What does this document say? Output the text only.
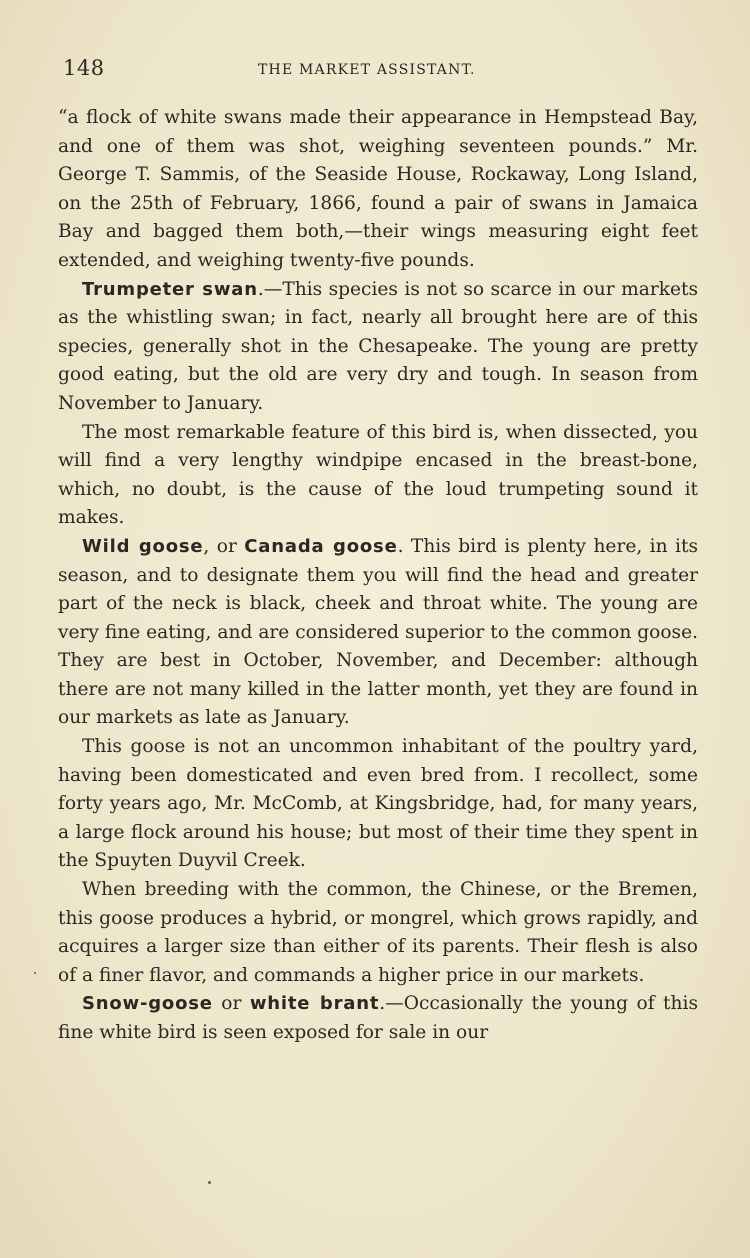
148	THE MARKET ASSISTANT.

“a flock of white swans made their appearance in Hempstead Bay, and one of them was shot, weighing seventeen pounds.” Mr. George T. Sammis, of the Seaside House, Rockaway, Long Island, on the 25th of February, 1866, found a pair of swans in Jamaica Bay and bagged them both,—their wings measuring eight feet extended, and weighing twenty-five pounds.

Trumpeter swan.—This species is not so scarce in our markets as the whistling swan; in fact, nearly all brought here are of this species, generally shot in the Chesapeake. The young are pretty good eating, but the old are very dry and tough. In season from November to January.

The most remarkable feature of this bird is, when dissected, you will find a very lengthy windpipe encased in the breast-bone, which, no doubt, is the cause of the loud trumpeting sound it makes.

Wild goose, or Canada goose. This bird is plenty here, in its season, and to designate them you will find the head and greater part of the neck is black, cheek and throat white. The young are very fine eating, and are considered superior to the common goose. They are best in October, November, and December: although there are not many killed in the latter month, yet they are found in our markets as late as January.

This goose is not an uncommon inhabitant of the poultry yard, having been domesticated and even bred from. I recollect, some forty years ago, Mr. McComb, at Kingsbridge, had, for many years, a large flock around his house; but most of their time they spent in the Spuyten Duyvil Creek.

When breeding with the common, the Chinese, or the Bremen, this goose produces a hybrid, or mongrel, which grows rapidly, and acquires a larger size than either of its parents. Their flesh is also of a finer flavor, and commands a higher price in our markets.

Snow-goose or white brant.—Occasionally the young of this fine white bird is seen exposed for sale in our
